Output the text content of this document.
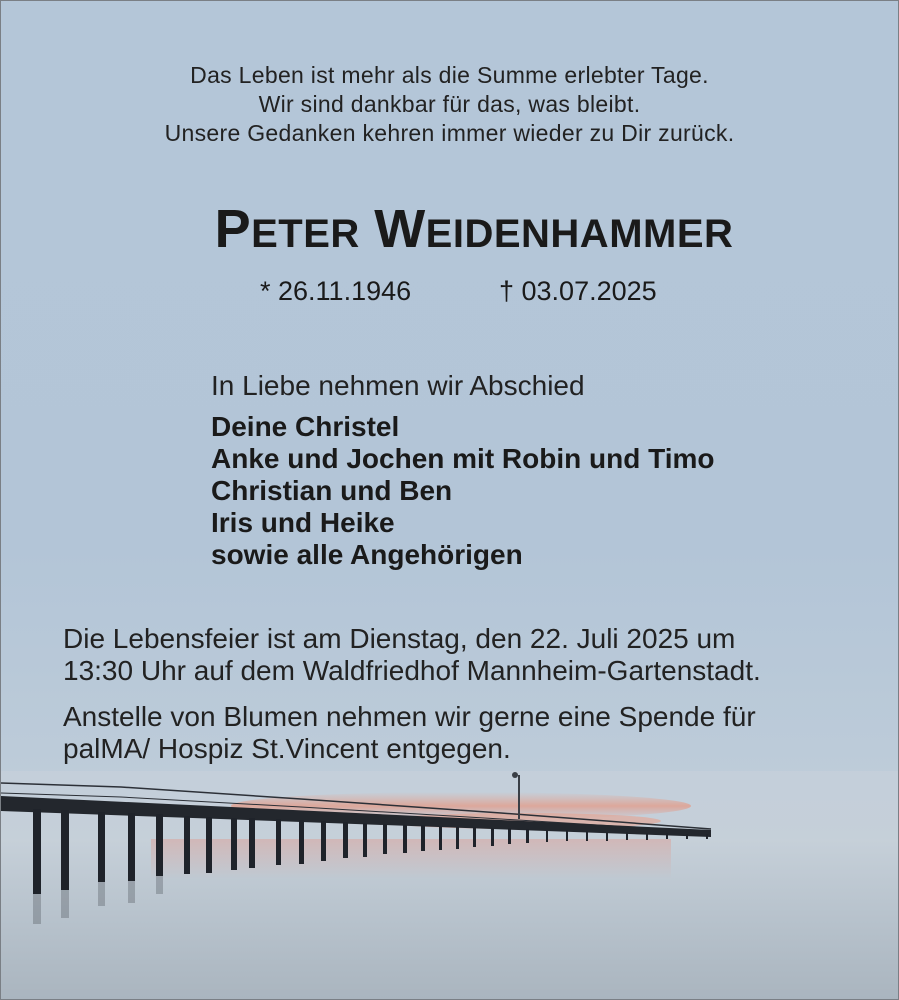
Das Leben ist mehr als die Summe erlebter Tage.
Wir sind dankbar für das, was bleibt.
Unsere Gedanken kehren immer wieder zu Dir zurück.
PETER WEIDENHAMMER
* 26.11.1946	† 03.07.2025
In Liebe nehmen wir Abschied
Deine Christel
Anke und Jochen mit Robin und Timo
Christian und Ben
Iris und Heike
sowie alle Angehörigen
Die Lebensfeier ist am Dienstag, den 22. Juli 2025 um
13:30 Uhr auf dem Waldfriedhof Mannheim-Gartenstadt.
Anstelle von Blumen nehmen wir gerne eine Spende für
palMA/ Hospiz St.Vincent entgegen.
